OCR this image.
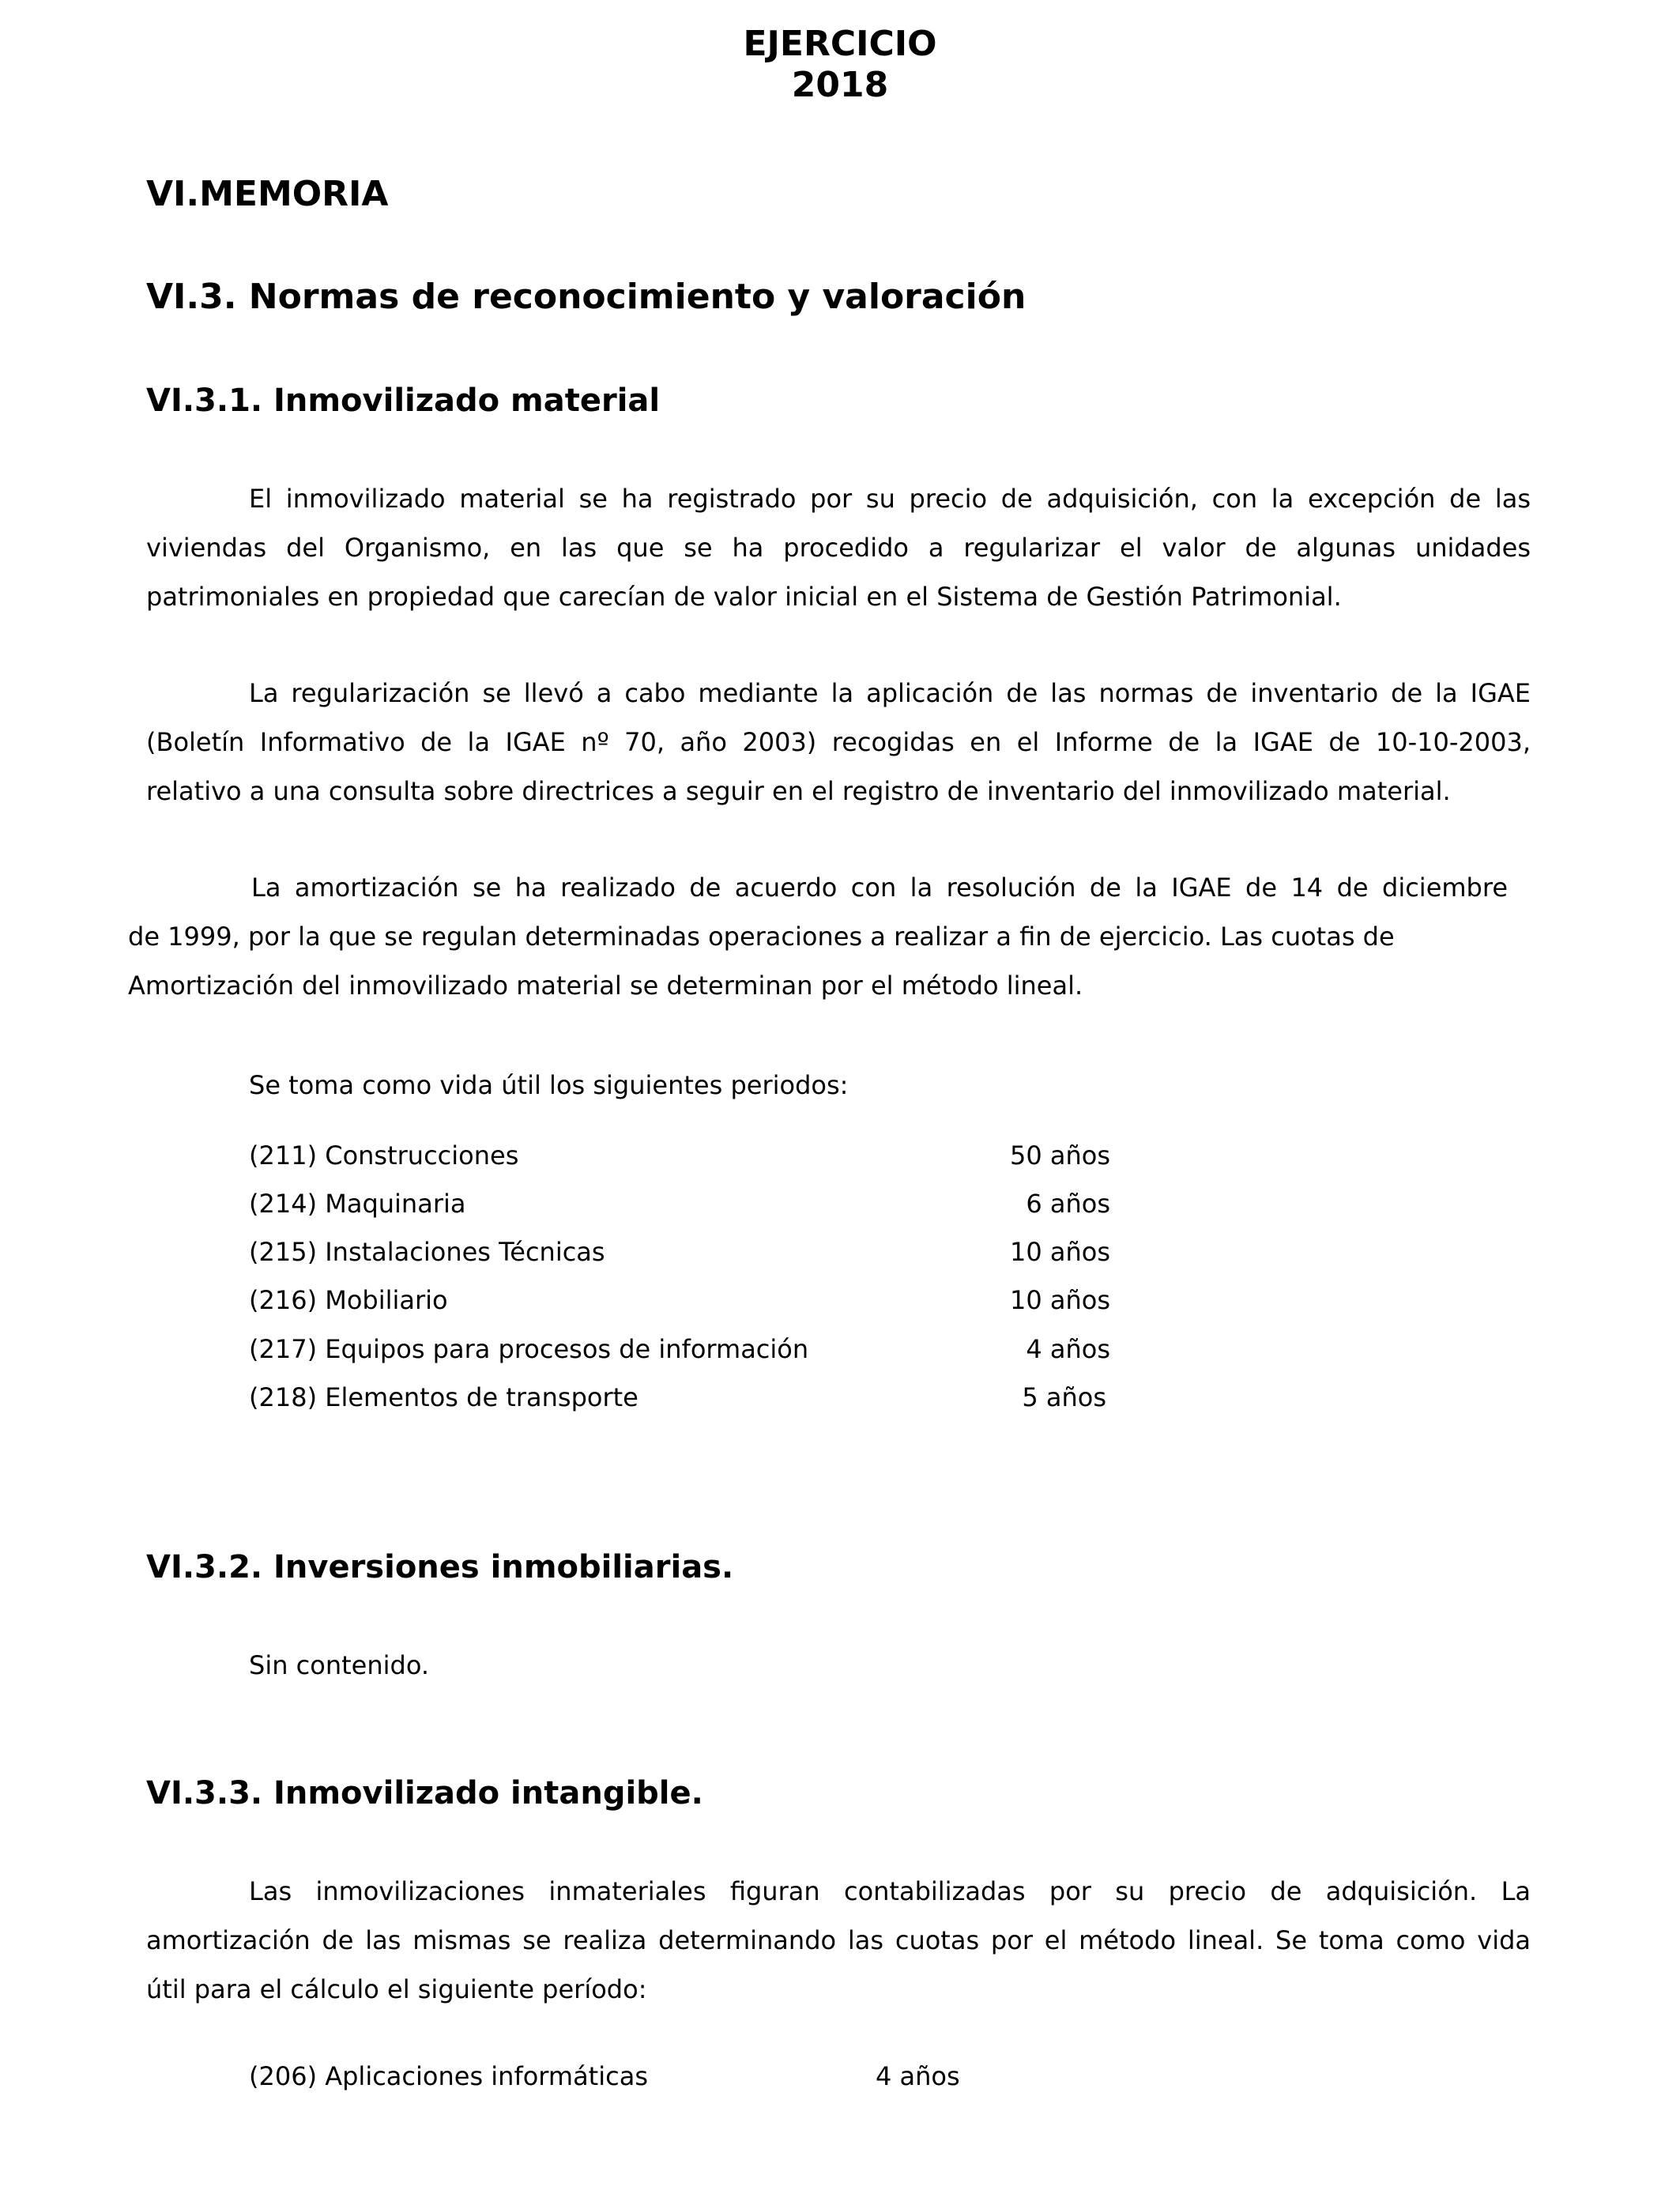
EJERCICIO
2018
VI.MEMORIA
VI.3. Normas de reconocimiento y valoración
VI.3.1. Inmovilizado material
El inmovilizado material se ha registrado por su precio de adquisición, con la excepción de las
viviendas del Organismo, en las que se ha procedido a regularizar el valor de algunas unidades
patrimoniales en propiedad que carecían de valor inicial en el Sistema de Gestión Patrimonial.
La regularización se llevó a cabo mediante la aplicación de las normas de inventario de la IGAE
(Boletín Informativo de la IGAE nº 70, año 2003) recogidas en el Informe de la IGAE de 10-10-2003,
relativo a una consulta sobre directrices a seguir en el registro de inventario del inmovilizado material.
La amortización se ha realizado de acuerdo con la resolución de la IGAE de 14 de diciembre
de 1999, por la que se regulan determinadas operaciones a realizar a fin de ejercicio. Las cuotas de
Amortización del inmovilizado material se determinan por el método lineal.
Se toma como vida útil los siguientes periodos:
(211) Construcciones	50 años
(214) Maquinaria	6 años
(215) Instalaciones Técnicas	10 años
(216) Mobiliario	10 años
(217) Equipos para procesos de información	4 años
(218) Elementos de transporte	5 años
VI.3.2. Inversiones inmobiliarias.
Sin contenido.
VI.3.3. Inmovilizado intangible.
Las inmovilizaciones inmateriales figuran contabilizadas por su precio de adquisición. La
amortización de las mismas se realiza determinando las cuotas por el método lineal. Se toma como vida
útil para el cálculo el siguiente período:
(206) Aplicaciones informáticas	4 años
